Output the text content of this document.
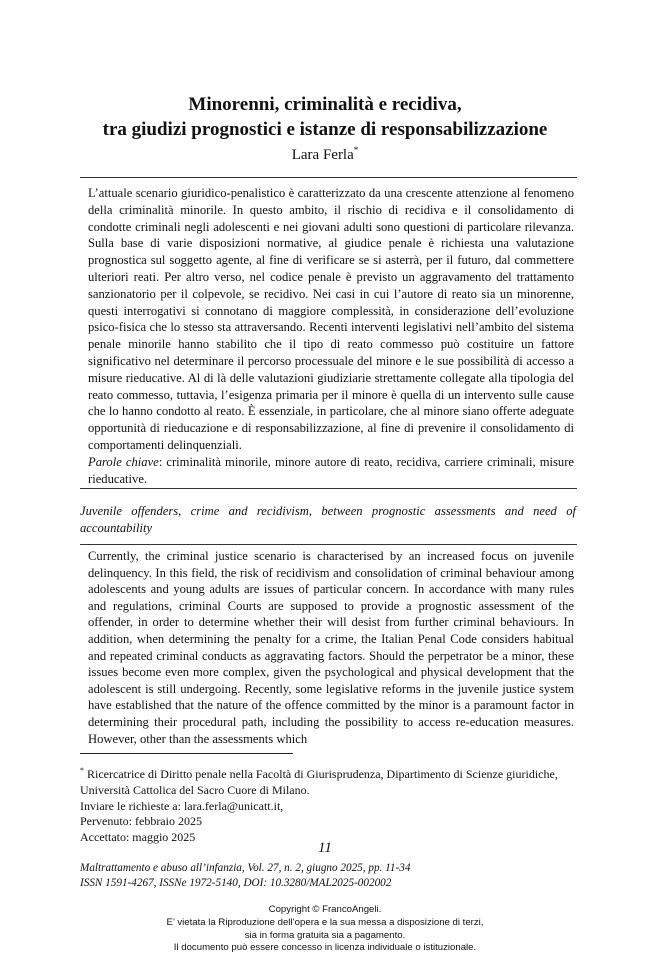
Minorenni, criminalità e recidiva,
tra giudizi prognostici e istanze di responsabilizzazione
Lara Ferla*

L’attuale scenario giuridico-penalistico è caratterizzato da una crescente attenzione al fenomeno della criminalità minorile. In questo ambito, il rischio di recidiva e il consolidamento di condotte criminali negli adolescenti e nei giovani adulti sono questioni di particolare rilevanza. Sulla base di varie disposizioni normative, al giudice penale è richiesta una valutazione prognostica sul soggetto agente, al fine di verificare se si asterrà, per il futuro, dal commettere ulteriori reati. Per altro verso, nel codice penale è previsto un aggravamento del trattamento sanzionatorio per il colpevole, se recidivo. Nei casi in cui l’autore di reato sia un minorenne, questi interrogativi si connotano di maggiore complessità, in considerazione dell’evoluzione psico-fisica che lo stesso sta attraversando. Recenti interventi legislativi nell’ambito del sistema penale minorile hanno stabilito che il tipo di reato commesso può costituire un fattore significativo nel determinare il percorso processuale del minore e le sue possibilità di accesso a misure rieducative. Al di là delle valutazioni giudiziarie strettamente collegate alla tipologia del reato commesso, tuttavia, l’esigenza primaria per il minore è quella di un intervento sulle cause che lo hanno condotto al reato. È essenziale, in particolare, che al minore siano offerte adeguate opportunità di rieducazione e di responsabilizzazione, al fine di prevenire il consolidamento di comportamenti delinquenziali.

Parole chiave: criminalità minorile, minore autore di reato, recidiva, carriere criminali, misure rieducative.

Juvenile offenders, crime and recidivism, between prognostic assessments and need of accountability

Currently, the criminal justice scenario is characterised by an increased focus on juvenile delinquency. In this field, the risk of recidivism and consolidation of criminal behaviour among adolescents and young adults are issues of particular concern. In accordance with many rules and regulations, criminal Courts are supposed to provide a prognostic assessment of the offender, in order to determine whether their will desist from further criminal behaviours. In addition, when determining the penalty for a crime, the Italian Penal Code considers habitual and repeated criminal conducts as aggravating factors. Should the perpetrator be a minor, these issues become even more complex, given the psychological and physical development that the adolescent is still undergoing. Recently, some legislative reforms in the juvenile justice system have established that the nature of the offence committed by the minor is a paramount factor in determining their procedural path, including the possibility to access re-education measures. However, other than the assessments which

* Ricercatrice di Diritto penale nella Facoltà di Giurisprudenza, Dipartimento di Scienze giuridiche, Università Cattolica del Sacro Cuore di Milano.
Inviare le richieste a: lara.ferla@unicatt.it,
Pervenuto: febbraio 2025
Accettato: maggio 2025
11
Maltrattamento e abuso all’infanzia, Vol. 27, n. 2, giugno 2025, pp. 11-34
ISSN 1591-4267, ISSNe 1972-5140, DOI: 10.3280/MAL2025-002002
Copyright © FrancoAngeli.
E’ vietata la Riproduzione dell’opera e la sua messa a disposizione di terzi,
sia in forma gratuita sia a pagamento.
Il documento può essere concesso in licenza individuale o istituzionale.
